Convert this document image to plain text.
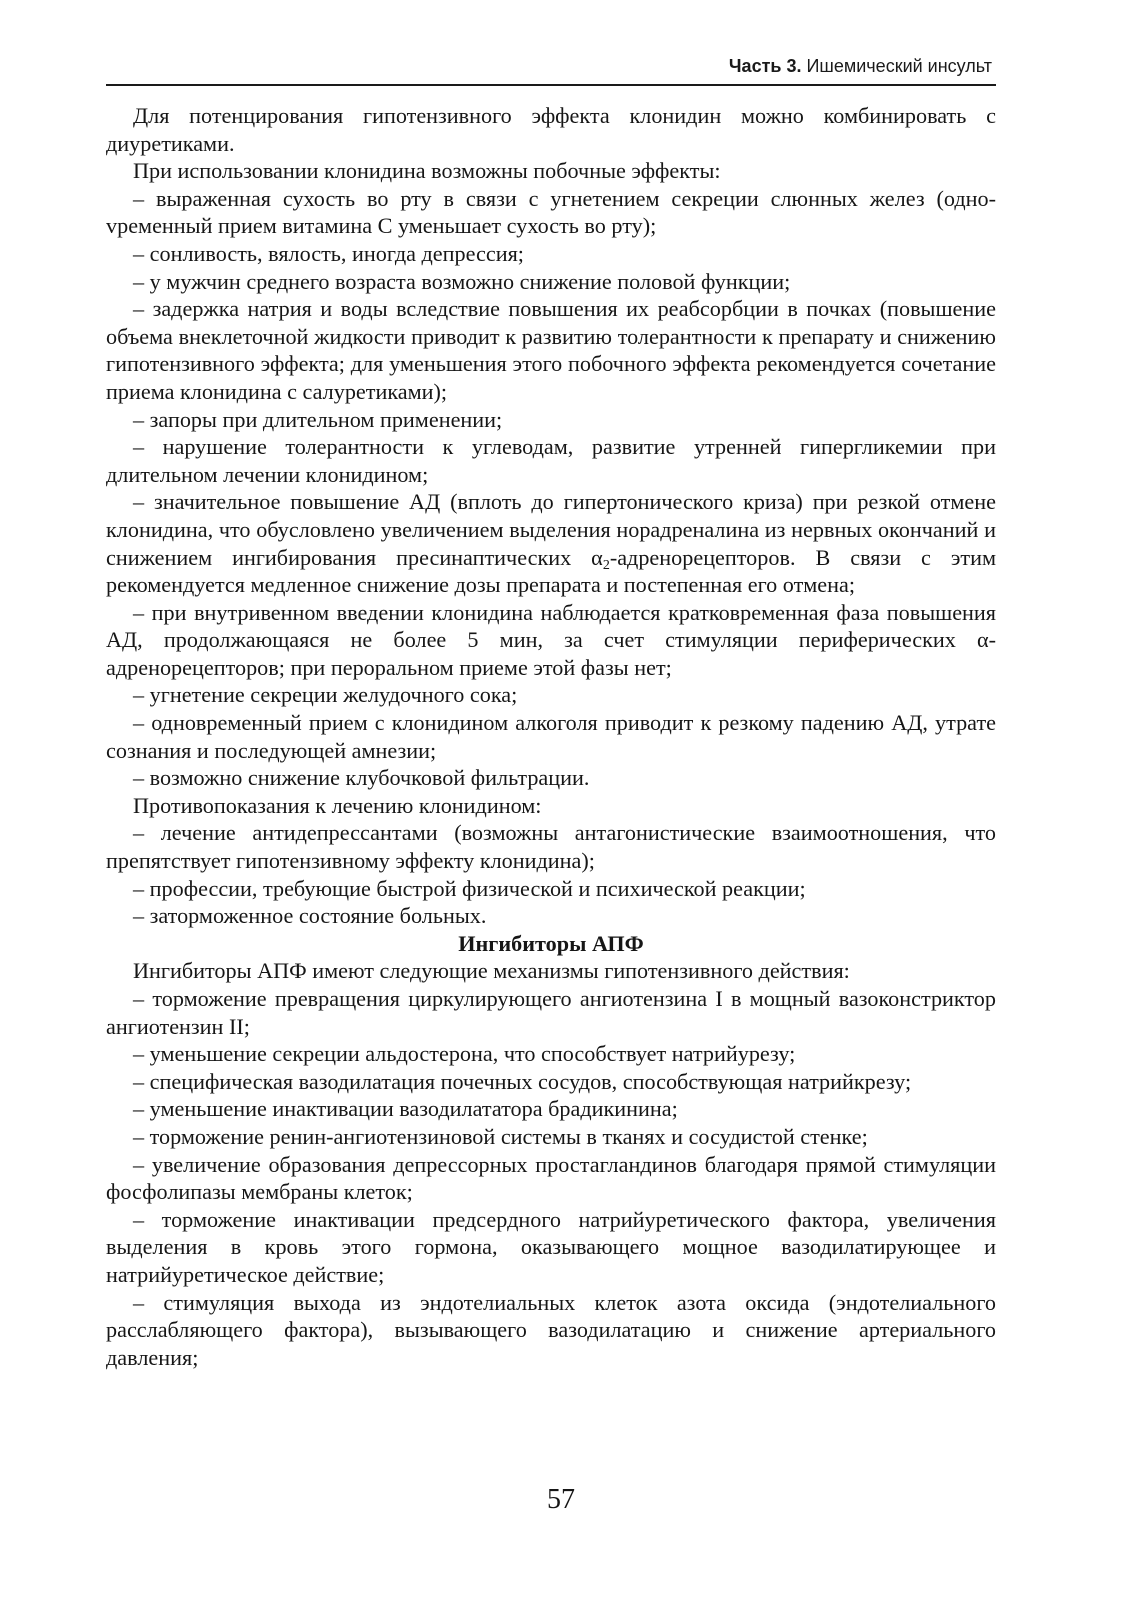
Часть 3. Ишемический инсульт

Для потенцирования гипотензивного эффекта клонидин можно комбинировать с диуретиками.

При использовании клонидина возможны побочные эффекты:

– выраженная сухость во рту в связи с угнетением секреции слюнных желез (одноvременный прием витамина С уменьшает сухость во рту);

– сонливость, вялость, иногда депрессия;

– у мужчин среднего возраста возможно снижение половой функции;

– задержка натрия и воды вследствие повышения их реабсорбции в почках (повышение объема внеклеточной жидкости приводит к развитию толерантности к препарату и снижению гипотензивного эффекта; для уменьшения этого побочного эффекта рекомендуется сочетание приема клонидина с салуретиками);

– запоры при длительном применении;

– нарушение толерантности к углеводам, развитие утренней гипергликемии при длительном лечении клонидином;

– значительное повышение АД (вплоть до гипертонического криза) при резкой отмене клонидина, что обусловлено увеличением выделения норадреналина из нервных окончаний и снижением ингибирования пресинаптических α2-адренорецепторов. В связи с этим рекомендуется медленное снижение дозы препарата и постепенная его отмена;

– при внутривенном введении клонидина наблюдается кратковременная фаза повышения АД, продолжающаяся не более 5 мин, за счет стимуляции периферических α-адренорецепторов; при пероральном приеме этой фазы нет;

– угнетение секреции желудочного сока;

– одновременный прием с клонидином алкоголя приводит к резкому падению АД, утрате сознания и последующей амнезии;

– возможно снижение клубочковой фильтрации.

Противопоказания к лечению клонидином:

– лечение антидепрессантами (возможны антагонистические взаимоотношения, что препятствует гипотензивному эффекту клонидина);

– профессии, требующие быстрой физической и психической реакции;

– заторможенное состояние больных.

Ингибиторы АПФ

Ингибиторы АПФ имеют следующие механизмы гипотензивного действия:

– торможение превращения циркулирующего ангиотензина I в мощный вазоконстриктор ангиотензин II;

– уменьшение секреции альдостерона, что способствует натрийурезу;

– специфическая вазодилатация почечных сосудов, способствующая натрийкрезу;

– уменьшение инактивации вазодилататора брадикинина;

– торможение ренин-ангиотензиновой системы в тканях и сосудистой стенке;

– увеличение образования депрессорных простагландинов благодаря прямой стимуляции фосфолипазы мембраны клеток;

– торможение инактивации предсердного натрийуретического фактора, увеличения выделения в кровь этого гормона, оказывающего мощное вазодилатирующее и натрийуретическое действие;

– стимуляция выхода из эндотелиальных клеток азота оксида (эндотелиального расслабляющего фактора), вызывающего вазодилатацию и снижение артериального давления;

57
